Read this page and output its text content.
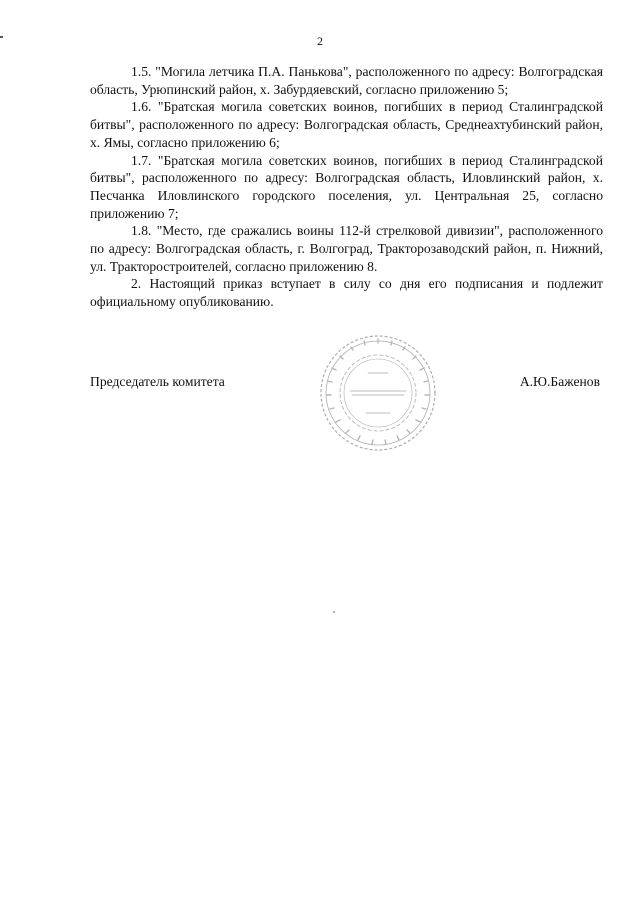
2

1.5. "Могила летчика П.А. Панькова", расположенного по адресу: Волгоградская область, Урюпинский район, х. Забурдяевский, согласно приложению 5;

1.6. "Братская могила советских воинов, погибших в период Сталинградской битвы", расположенного по адресу: Волгоградская область, Среднеахтубинский район, х. Ямы, согласно приложению 6;

1.7. "Братская могила советских воинов, погибших в период Сталинградской битвы", расположенного по адресу: Волгоградская область, Иловлинский район, х. Песчанка Иловлинского городского поселения, ул. Центральная 25, согласно приложению 7;

1.8. "Место, где сражались воины 112-й стрелковой дивизии", расположенного по адресу: Волгоградская область, г. Волгоград, Тракторозаводский район, п. Нижний, ул. Тракторостроителей, согласно приложению 8.

2. Настоящий приказ вступает в силу со дня его подписания и подлежит официальному опубликованию.

Председатель комитета	А.Ю.Баженов
